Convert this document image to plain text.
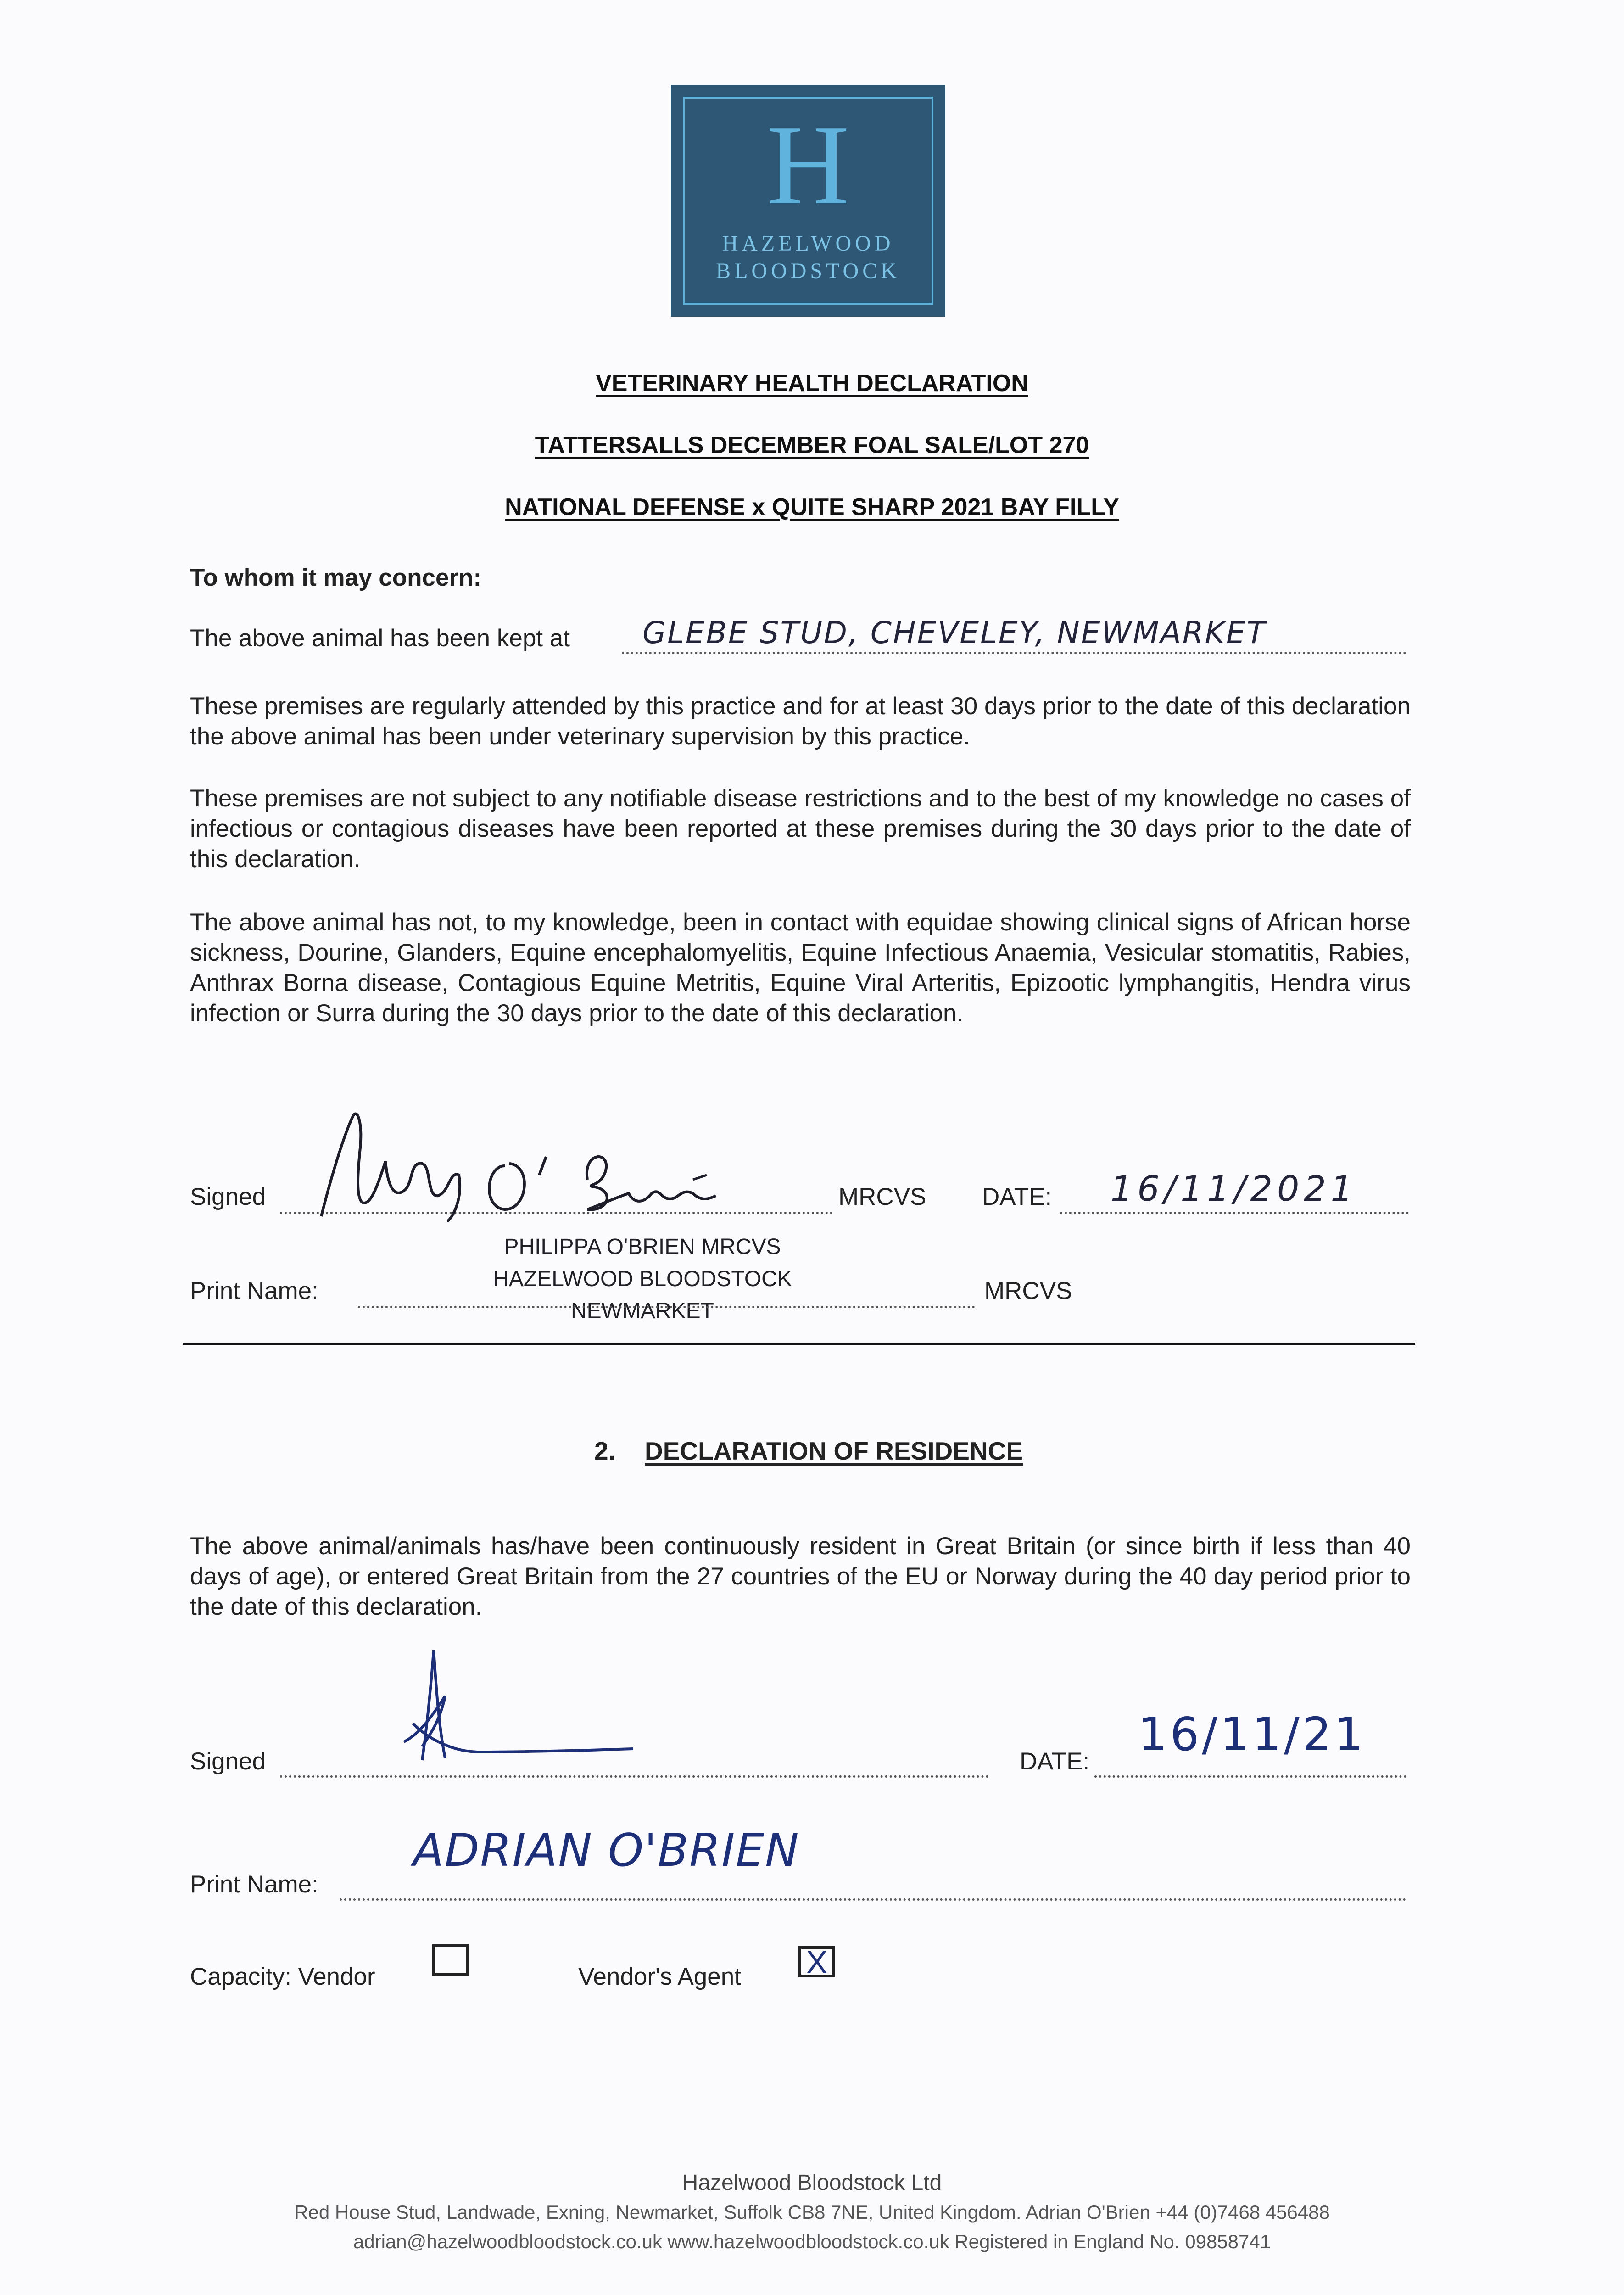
H
HAZELWOOD
BLOODSTOCK
VETERINARY HEALTH DECLARATION
TATTERSALLS DECEMBER FOAL SALE/LOT 270
NATIONAL DEFENSE x QUITE SHARP 2021 BAY FILLY
To whom it may concern:
The above animal has been kept at GLEBE STUD, CHEVELEY, NEWMARKET
These premises are regularly attended by this practice and for at least 30 days prior to the date of this declaration the above animal has been under veterinary supervision by this practice.
These premises are not subject to any notifiable disease restrictions and to the best of my knowledge no cases of infectious or contagious diseases have been reported at these premises during the 30 days prior to the date of this declaration.
The above animal has not, to my knowledge, been in contact with equidae showing clinical signs of African horse sickness, Dourine, Glanders, Equine encephalomyelitis, Equine Infectious Anaemia, Vesicular stomatitis, Rabies, Anthrax Borna disease, Contagious Equine Metritis, Equine Viral Arteritis, Epizootic lymphangitis, Hendra virus infection or Surra during the 30 days prior to the date of this declaration.
Signed	MRCVS DATE: 16/11/2021
PHILIPPA O'BRIEN MRCVS
HAZELWOOD BLOODSTOCK
NEWMARKET
Print Name:	MRCVS
2. DECLARATION OF RESIDENCE
The above animal/animals has/have been continuously resident in Great Britain (or since birth if less than 40 days of age), or entered Great Britain from the 27 countries of the EU or Norway during the 40 day period prior to the date of this declaration.
Signed	DATE:
16/11/21
Print Name:
ADRIAN O'BRIEN
Capacity: Vendor	Vendor's Agent X
Hazelwood Bloodstock Ltd
Red House Stud, Landwade, Exning, Newmarket, Suffolk CB8 7NE, United Kingdom. Adrian O'Brien +44 (0)7468 456488
adrian@hazelwoodbloodstock.co.uk www.hazelwoodbloodstock.co.uk Registered in England No. 09858741
